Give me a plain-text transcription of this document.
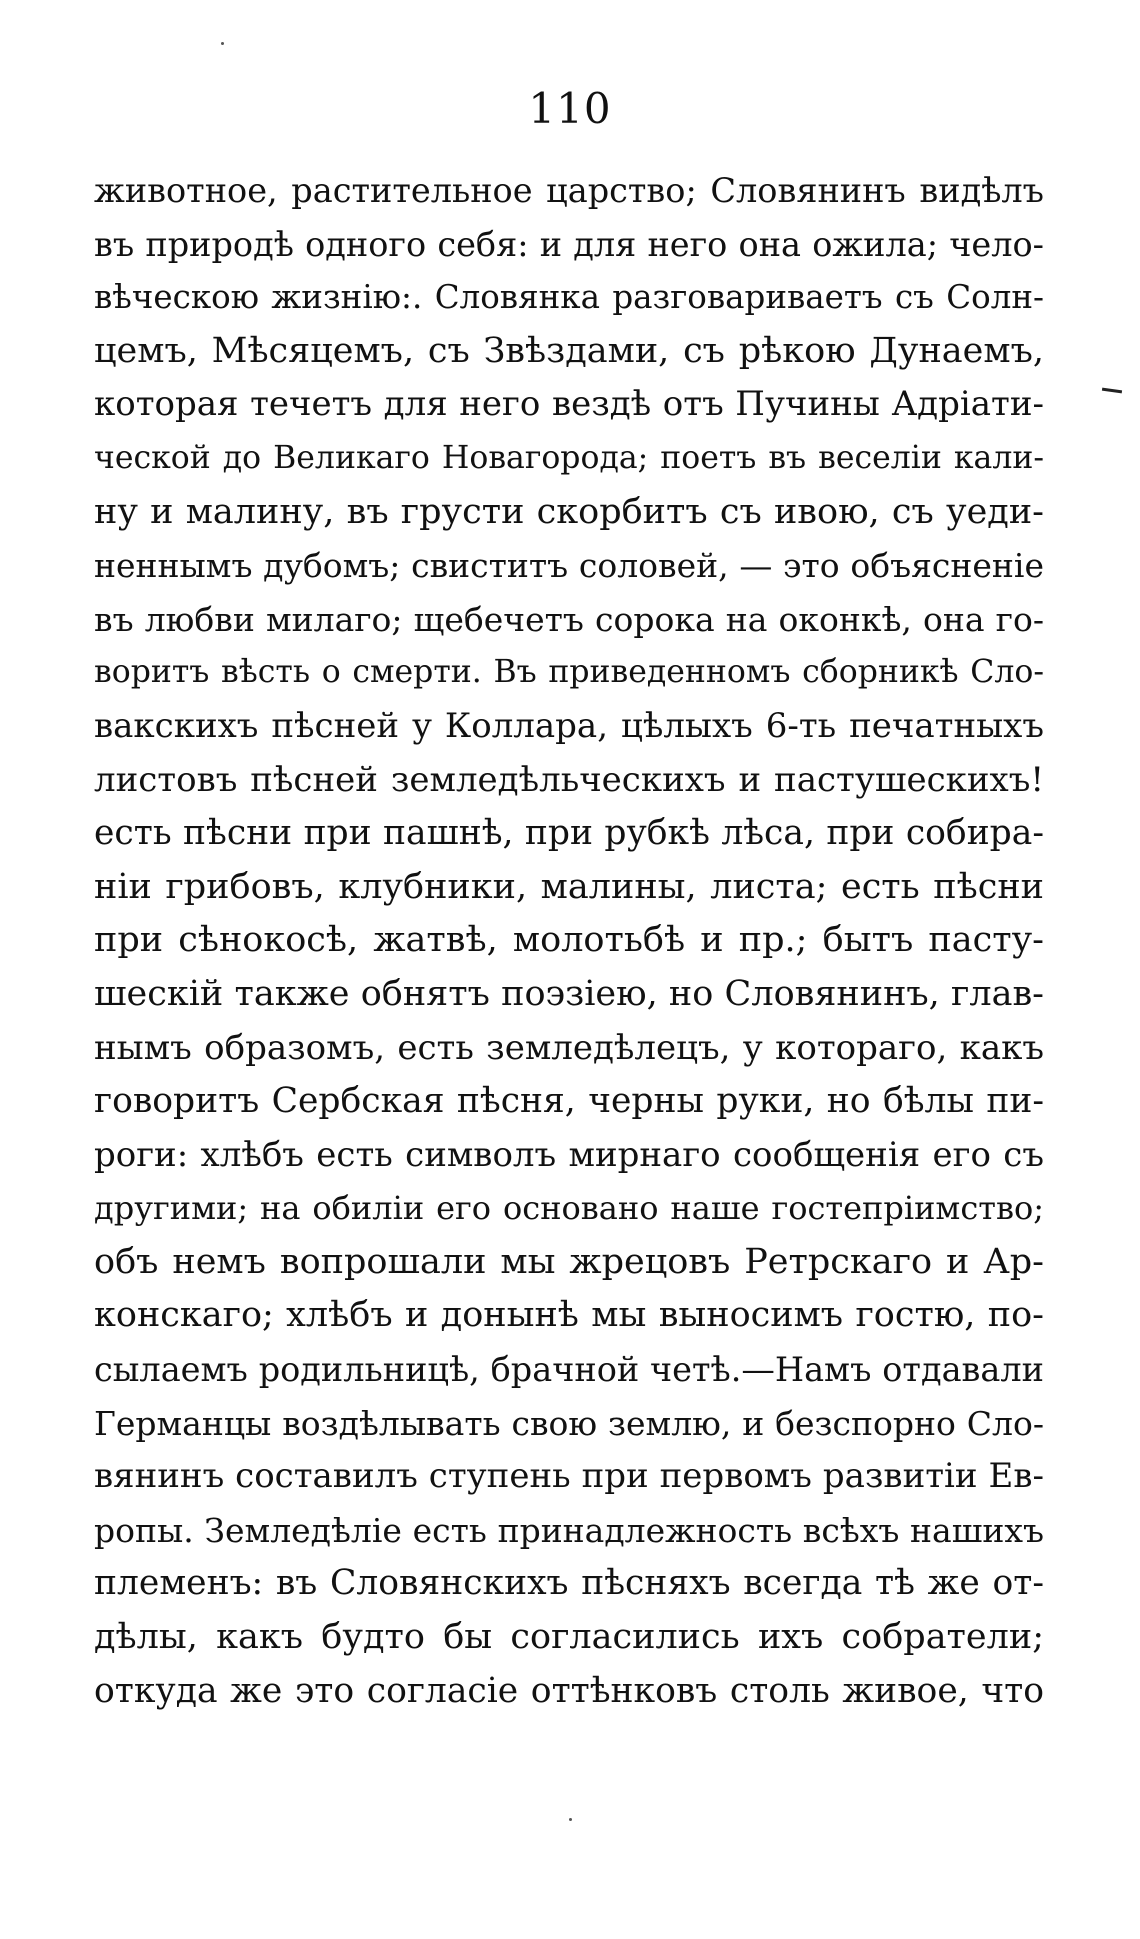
110
животное, растительное царство; Словянинъ видѣлъ
въ природѣ одного себя: и для него она ожила; чело-
вѣческою жизнію:. Словянка разговариваетъ съ Солн-
цемъ, Мѣсяцемъ, съ Звѣздами, съ рѣкою Дунаемъ,
которая течетъ для него вездѣ отъ Пучины Адріати-
ческой до Великаго Новагорода; поетъ въ веселіи кали-
ну и малину, въ грусти скорбитъ съ ивою, съ уеди-
неннымъ дубомъ; свиститъ соловей, — это объясненіе
въ любви милаго; щебечетъ сорока на оконкѣ, она го-
воритъ вѣсть о смерти. Въ приведенномъ сборникѣ Сло-
вакскихъ пѣсней у Коллара, цѣлыхъ 6-ть печатныхъ
листовъ пѣсней земледѣльческихъ и пастушескихъ!
есть пѣсни при пашнѣ, при рубкѣ лѣса, при собира-
ніи грибовъ, клубники, малины, листа; есть пѣсни
при сѣнокосѣ, жатвѣ, молотьбѣ и пр.; бытъ пасту-
шескій также обнятъ поэзіею, но Словянинъ, глав-
нымъ образомъ, есть земледѣлецъ, у котораго, какъ
говоритъ Сербская пѣсня, черны руки, но бѣлы пи-
роги: хлѣбъ есть символъ мирнаго сообщенія его съ
другими; на обиліи его основано наше гостепріимство;
объ немъ вопрошали мы жрецовъ Ретрскаго и Ар-
конскаго; хлѣбъ и донынѣ мы выносимъ гостю, по-
сылаемъ родильницѣ, брачной четѣ.—Намъ отдавали
Германцы воздѣлывать свою землю, и безспорно Сло-
вянинъ составилъ ступень при первомъ развитіи Ев-
ропы. Земледѣліе есть принадлежность всѣхъ нашихъ
племенъ: въ Словянскихъ пѣсняхъ всегда тѣ же от-
дѣлы, какъ будто бы согласились ихъ собратели;
откуда же это согласіе оттѣнковъ столь живое, что
